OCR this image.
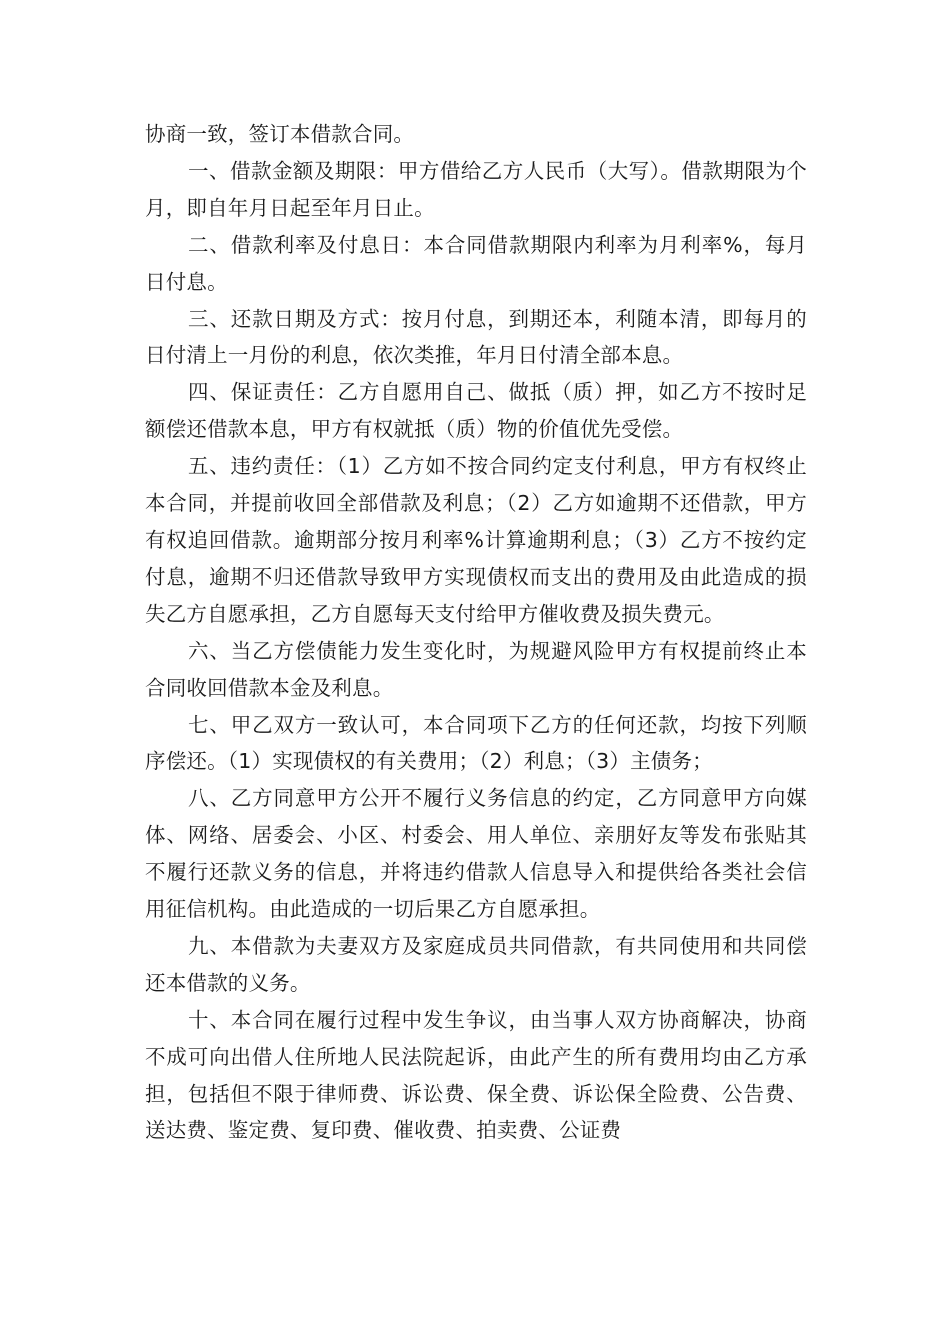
协商一致，签订本借款合同。

一、借款金额及期限：甲方借给乙方人民币（大写）。借款期限为个月，即自年月日起至年月日止。

二、借款利率及付息日：本合同借款期限内利率为月利率%，每月日付息。

三、还款日期及方式：按月付息，到期还本，利随本清，即每月的日付清上一月份的利息，依次类推，年月日付清全部本息。

四、保证责任：乙方自愿用自己、做抵（质）押，如乙方不按时足额偿还借款本息，甲方有权就抵（质）物的价值优先受偿。

五、违约责任：（1）乙方如不按合同约定支付利息，甲方有权终止本合同，并提前收回全部借款及利息；（2）乙方如逾期不还借款，甲方有权追回借款。逾期部分按月利率%计算逾期利息；（3）乙方不按约定付息，逾期不归还借款导致甲方实现债权而支出的费用及由此造成的损失乙方自愿承担，乙方自愿每天支付给甲方催收费及损失费元。

六、当乙方偿债能力发生变化时，为规避风险甲方有权提前终止本合同收回借款本金及利息。

七、甲乙双方一致认可，本合同项下乙方的任何还款，均按下列顺序偿还。（1）实现债权的有关费用；（2）利息；（3）主债务；

八、乙方同意甲方公开不履行义务信息的约定，乙方同意甲方向媒体、网络、居委会、小区、村委会、用人单位、亲朋好友等发布张贴其不履行还款义务的信息，并将违约借款人信息导入和提供给各类社会信用征信机构。由此造成的一切后果乙方自愿承担。

九、本借款为夫妻双方及家庭成员共同借款，有共同使用和共同偿还本借款的义务。

十、本合同在履行过程中发生争议，由当事人双方协商解决，协商不成可向出借人住所地人民法院起诉，由此产生的所有费用均由乙方承担，包括但不限于律师费、诉讼费、保全费、诉讼保全险费、公告费、送达费、鉴定费、复印费、催收费、拍卖费、公证费
